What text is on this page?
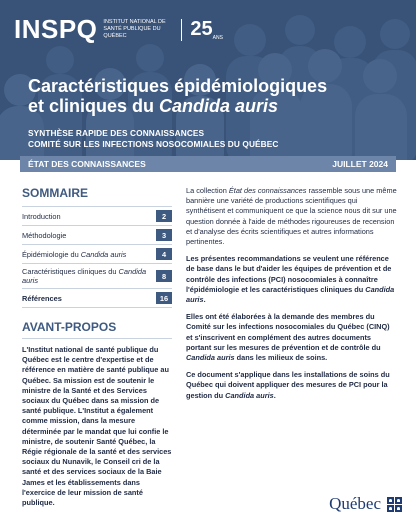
INSPQ INSTITUT NATIONAL DE SANTÉ PUBLIQUE DU QUÉBEC	25ANS
Caractéristiques épidémiologiques
et cliniques du Candida auris
SYNTHÈSE RAPIDE DES CONNAISSANCES
COMITÉ SUR LES INFECTIONS NOSOCOMIALES DU QUÉBEC
ÉTAT DES CONNAISSANCES	JUILLET 2024
SOMMAIRE
Introduction	2
Méthodologie	3
Épidémiologie du Candida auris	4
Caractéristiques cliniques du Candida auris	8
Références	16
AVANT-PROPOS

L'Institut national de santé publique du Québec est le centre d'expertise et de référence en matière de santé publique au Québec. Sa mission est de soutenir le ministre de la Santé et des Services sociaux du Québec dans sa mission de santé publique. L'Institut a également comme mission, dans la mesure déterminée par le mandat que lui confie le ministre, de soutenir Santé Québec, la Régie régionale de la santé et des services sociaux du Nunavik, le Conseil cri de la santé et des services sociaux de la Baie James et les établissements dans l'exercice de leur mission de santé publique.

La collection État des connaissances rassemble sous une même bannière une variété de productions scientifiques qui synthétisent et communiquent ce que la science nous dit sur une question donnée à l'aide de méthodes rigoureuses de recension et d'analyse des écrits scientifiques et autres informations pertinentes.

Les présentes recommandations se veulent une référence de base dans le but d'aider les équipes de prévention et de contrôle des infections (PCI) nosocomiales à connaître l'épidémiologie et les caractéristiques cliniques du Candida auris.

Elles ont été élaborées à la demande des membres du Comité sur les infections nosocomiales du Québec (CINQ) et s'inscrivent en complément des autres documents portant sur les mesures de prévention et de contrôle du Candida auris dans les milieux de soins.

Ce document s'applique dans les installations de soins du Québec qui doivent appliquer des mesures de PCI pour la gestion du Candida auris.

Québec
